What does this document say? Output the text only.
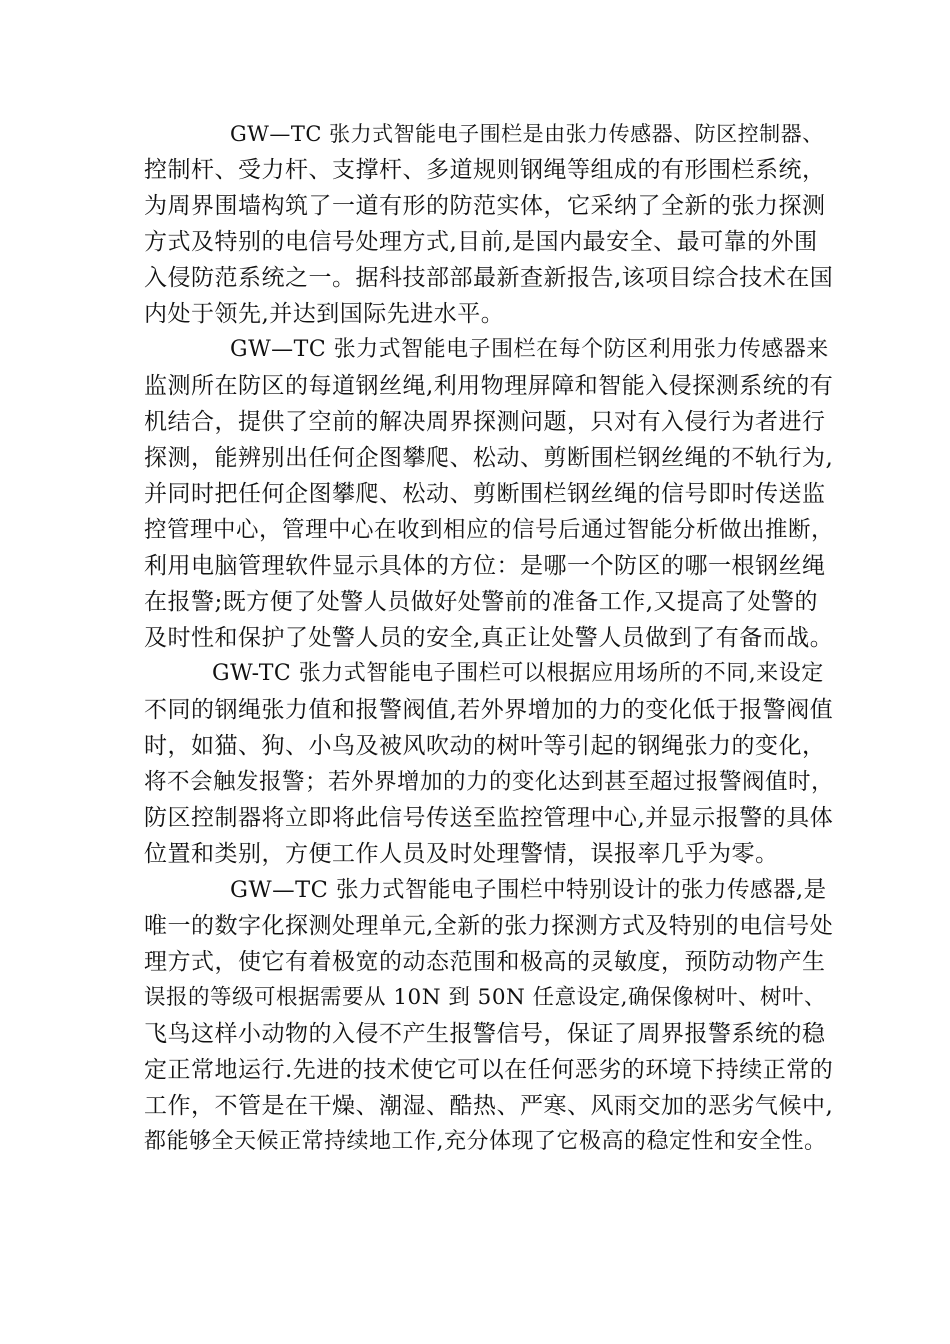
GW—TC 张力式智能电子围栏是由张力传感器、防区控制器、
控制杆、受力杆、支撑杆、多道规则钢绳等组成的有形围栏系统，
为周界围墙构筑了一道有形的防范实体，它采纳了全新的张力探测
方式及特别的电信号处理方式,目前,是国内最安全、最可靠的外围
入侵防范系统之一。据科技部部最新查新报告,该项目综合技术在国
内处于领先,并达到国际先进水平。

GW—TC 张力式智能电子围栏在每个防区利用张力传感器来
监测所在防区的每道钢丝绳,利用物理屏障和智能入侵探测系统的有
机结合，提供了空前的解决周界探测问题，只对有入侵行为者进行
探测，能辨别出任何企图攀爬、松动、剪断围栏钢丝绳的不轨行为,
并同时把任何企图攀爬、松动、剪断围栏钢丝绳的信号即时传送监
控管理中心，管理中心在收到相应的信号后通过智能分析做出推断，
利用电脑管理软件显示具体的方位：是哪一个防区的哪一根钢丝绳
在报警;既方便了处警人员做好处警前的准备工作,又提高了处警的
及时性和保护了处警人员的安全,真正让处警人员做到了有备而战。

GW-TC 张力式智能电子围栏可以根据应用场所的不同,来设定
不同的钢绳张力值和报警阀值,若外界增加的力的变化低于报警阀值
时，如猫、狗、小鸟及被风吹动的树叶等引起的钢绳张力的变化，
将不会触发报警；若外界增加的力的变化达到甚至超过报警阀值时，
防区控制器将立即将此信号传送至监控管理中心,并显示报警的具体
位置和类别，方便工作人员及时处理警情，误报率几乎为零。

GW—TC 张力式智能电子围栏中特别设计的张力传感器,是
唯一的数字化探测处理单元,全新的张力探测方式及特别的电信号处
理方式，使它有着极宽的动态范围和极高的灵敏度，预防动物产生
误报的等级可根据需要从 10N 到 50N 任意设定,确保像树叶、树叶、
飞鸟这样小动物的入侵不产生报警信号，保证了周界报警系统的稳
定正常地运行.先进的技术使它可以在任何恶劣的环境下持续正常的
工作，不管是在干燥、潮湿、酷热、严寒、风雨交加的恶劣气候中,
都能够全天候正常持续地工作,充分体现了它极高的稳定性和安全性。
